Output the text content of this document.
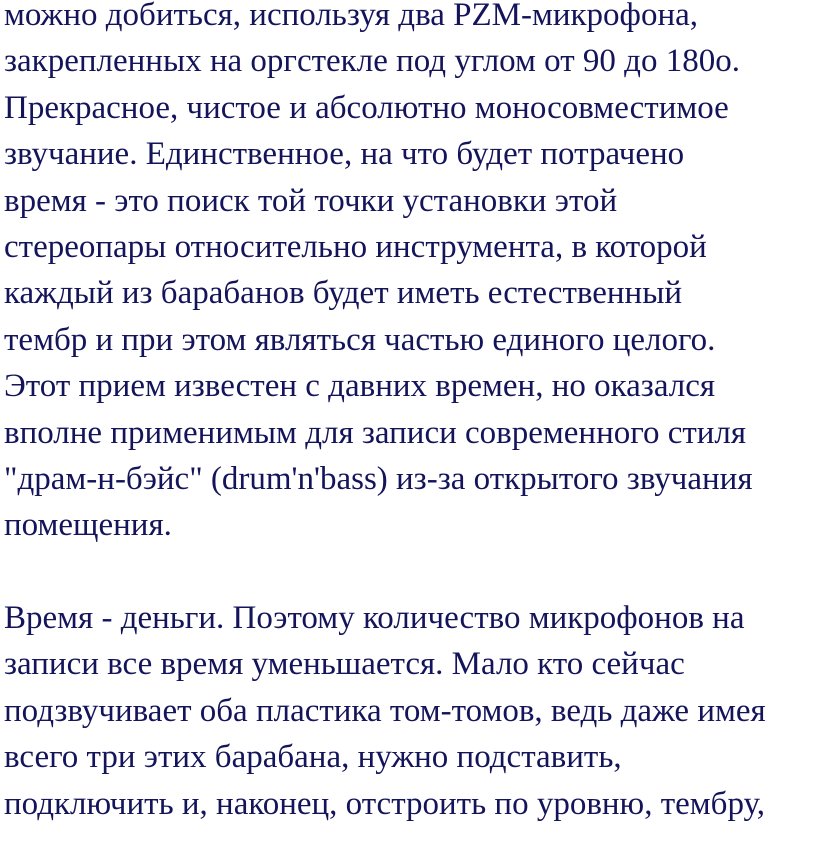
можно добиться, используя два PZM-микрофона,
закрепленных на оргстекле под углом от 90 до 180о.
Прекрасное, чистое и абсолютно моносовместимое
звучание. Единственное, на что будет потрачено
время - это поиск той точки установки этой
стереопары относительно инструмента, в которой
каждый из барабанов будет иметь естественный
тембр и при этом являться частью единого целого.
Этот прием известен с давних времен, но оказался
вполне применимым для записи современного стиля
"драм-н-бэйс" (drum'n'bass) из-за открытого звучания
помещения.
Время - деньги. Поэтому количество микрофонов на
записи все время уменьшается. Мало кто сейчас
подзвучивает оба пластика том-томов, ведь даже имея
всего три этих барабана, нужно подставить,
подключить и, наконец, отстроить по уровню, тембру,
